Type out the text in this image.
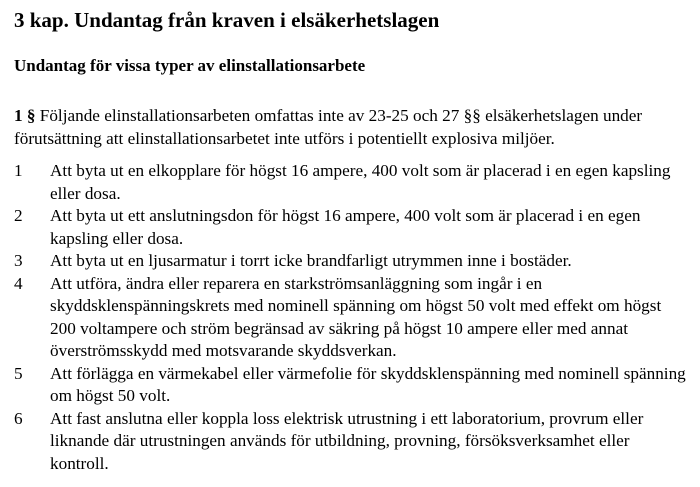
3 kap. Undantag från kraven i elsäkerhetslagen
Undantag för vissa typer av elinstallationsarbete

1 § Följande elinstallationsarbeten omfattas inte av 23-25 och 27 §§ elsäkerhetslagen under förutsättning att elinstallationsarbetet inte utförs i potentiellt explosiva miljöer.

1	Att byta ut en elkopplare för högst 16 ampere, 400 volt som är placerad i en egen kapsling eller dosa.
2	Att byta ut ett anslutningsdon för högst 16 ampere, 400 volt som är placerad i en egen kapsling eller dosa.
3	Att byta ut en ljusarmatur i torrt icke brandfarligt utrymmen inne i bostäder.
4	Att utföra, ändra eller reparera en starkströmsanläggning som ingår i en skyddsklenspänningskrets med nominell spänning om högst 50 volt med effekt om högst 200 voltampere och ström begränsad av säkring på högst 10 ampere eller med annat överströmsskydd med motsvarande skyddsverkan.
5	Att förlägga en värmekabel eller värmefolie för skyddsklenspänning med nominell spänning om högst 50 volt.
6	Att fast anslutna eller koppla loss elektrisk utrustning i ett laboratorium, provrum eller liknande där utrustningen används för utbildning, provning, försöksverksamhet eller kontroll.
